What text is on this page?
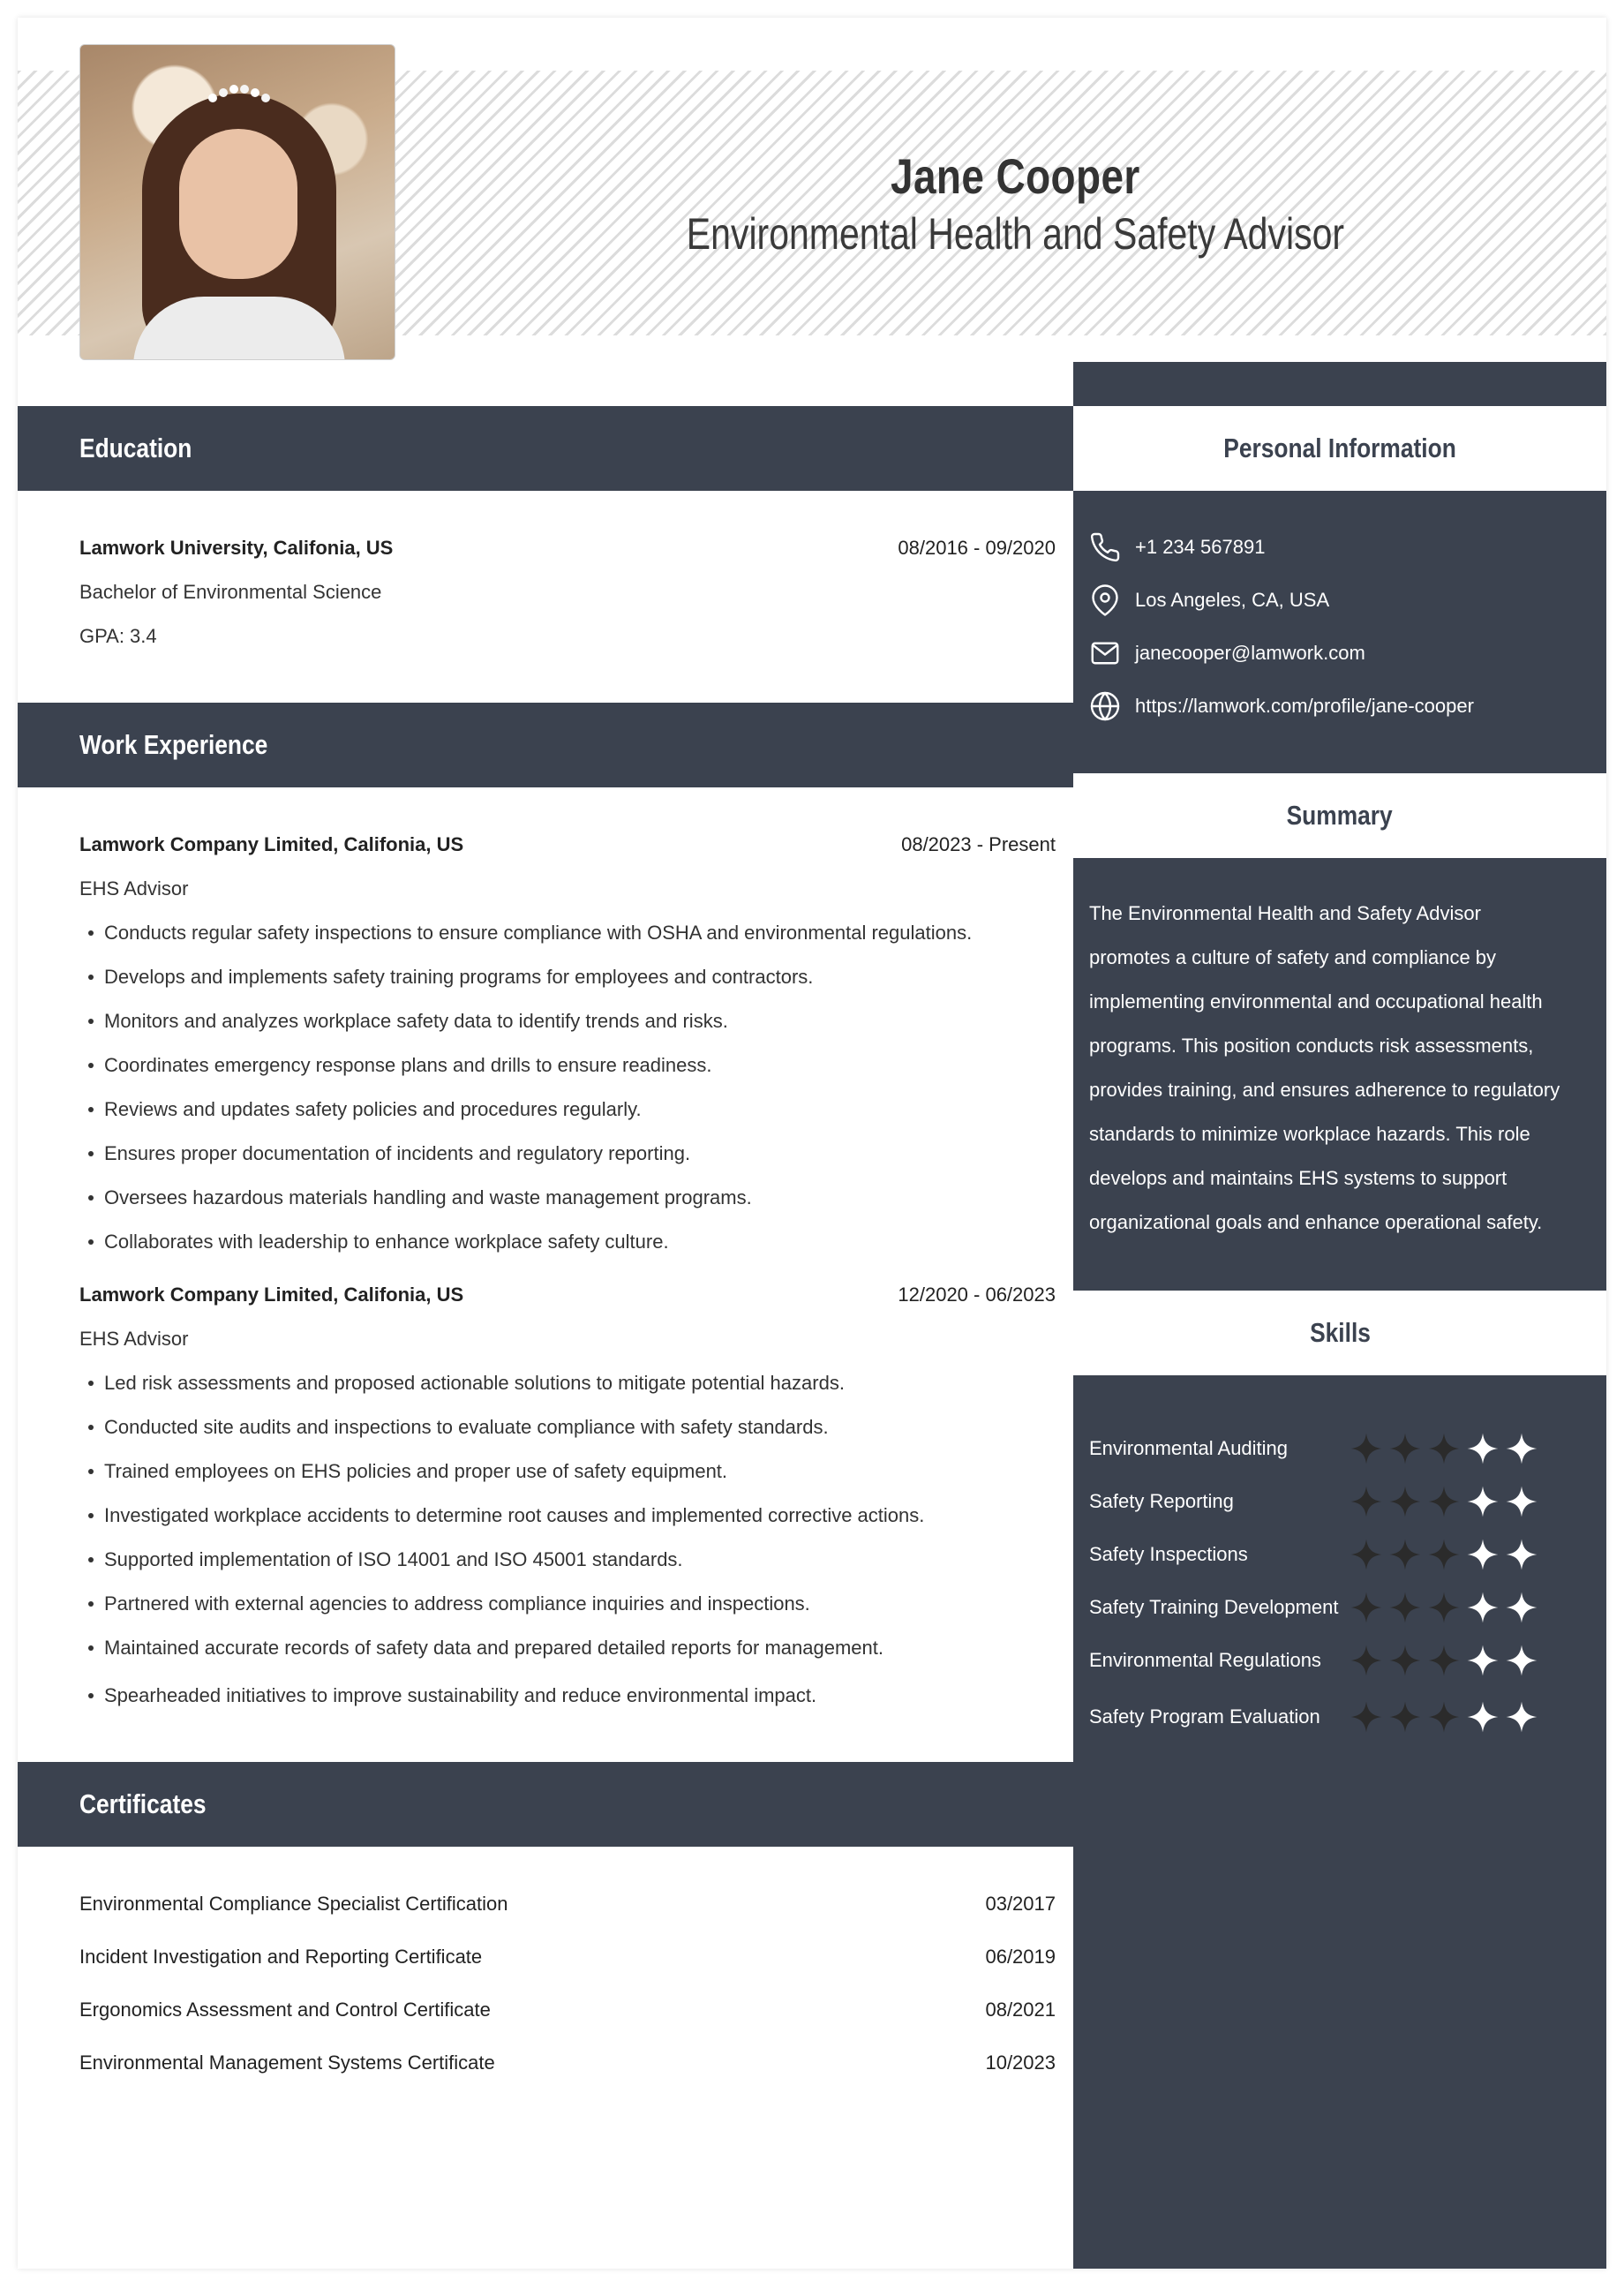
Jane Cooper
Environmental Health and Safety Advisor
Education
Lamwork University, Califonia, US	08/2016 - 09/2020
Bachelor of Environmental Science
GPA: 3.4
Work Experience
Lamwork Company Limited, Califonia, US	08/2023 - Present
EHS Advisor
Conducts regular safety inspections to ensure compliance with OSHA and environmental regulations.
Develops and implements safety training programs for employees and contractors.
Monitors and analyzes workplace safety data to identify trends and risks.
Coordinates emergency response plans and drills to ensure readiness.
Reviews and updates safety policies and procedures regularly.
Ensures proper documentation of incidents and regulatory reporting.
Oversees hazardous materials handling and waste management programs.
Collaborates with leadership to enhance workplace safety culture.
Lamwork Company Limited, Califonia, US	12/2020 - 06/2023
EHS Advisor
Led risk assessments and proposed actionable solutions to mitigate potential hazards.
Conducted site audits and inspections to evaluate compliance with safety standards.
Trained employees on EHS policies and proper use of safety equipment.
Investigated workplace accidents to determine root causes and implemented corrective actions.
Supported implementation of ISO 14001 and ISO 45001 standards.
Partnered with external agencies to address compliance inquiries and inspections.
Maintained accurate records of safety data and prepared detailed reports for management.
Spearheaded initiatives to improve sustainability and reduce environmental impact.
Certificates
Environmental Compliance Specialist Certification	03/2017
Incident Investigation and Reporting Certificate	06/2019
Ergonomics Assessment and Control Certificate	08/2021
Environmental Management Systems Certificate	10/2023
Personal Information
+1 234 567891
Los Angeles, CA, USA
janecooper@lamwork.com
https://lamwork.com/profile/jane-cooper
Summary
The Environmental Health and Safety Advisor
promotes a culture of safety and compliance by
implementing environmental and occupational health
programs. This position conducts risk assessments,
provides training, and ensures adherence to regulatory
standards to minimize workplace hazards. This role
develops and maintains EHS systems to support
organizational goals and enhance operational safety.
Skills
Environmental Auditing
Safety Reporting
Safety Inspections
Safety Training Development
Environmental Regulations
Safety Program Evaluation
